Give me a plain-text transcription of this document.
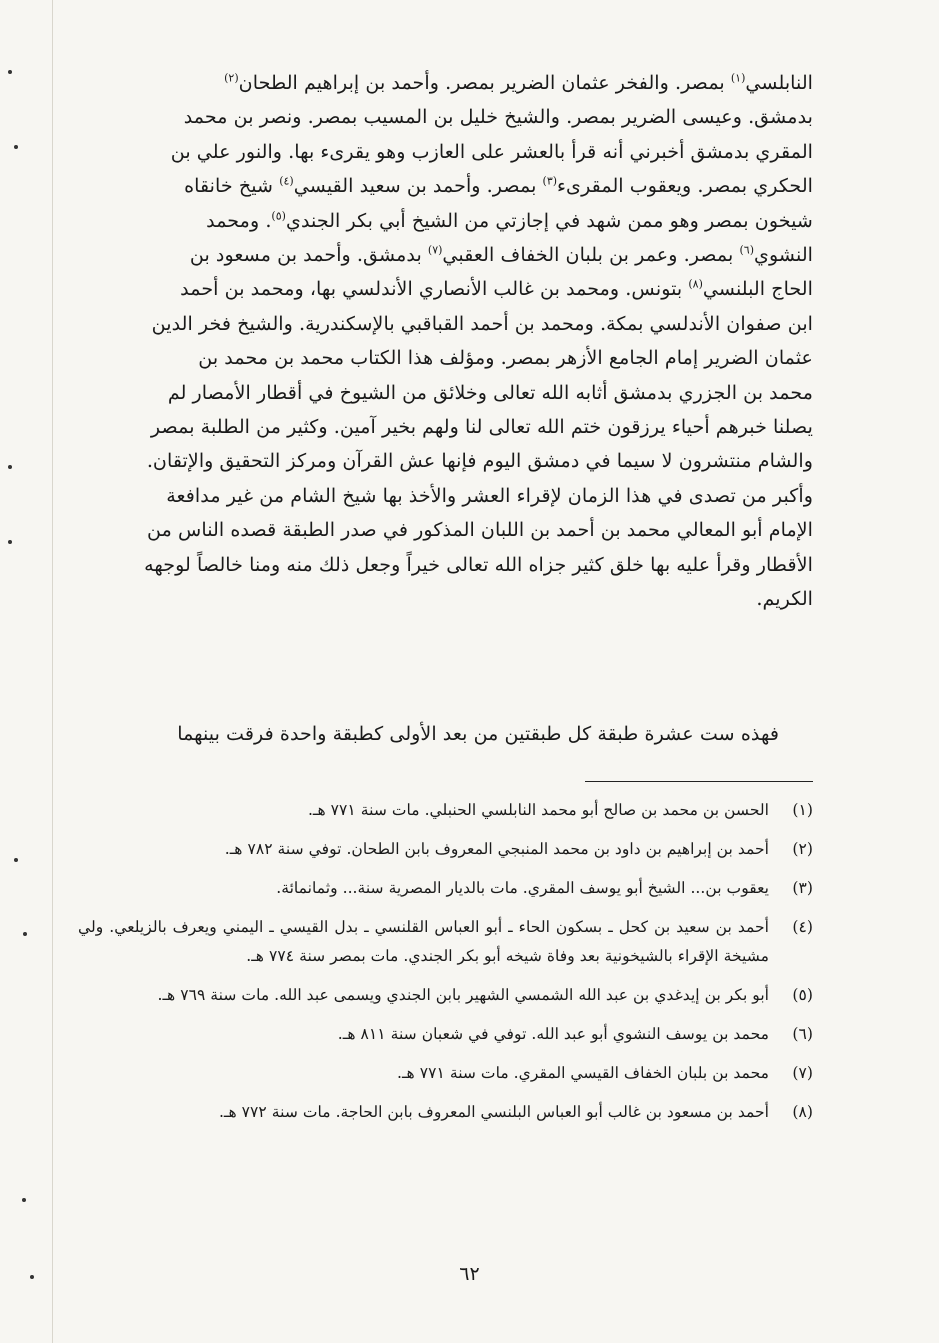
النابلسي$^{(١)}$ بمصر. والفخر عثمان الضرير بمصر. وأحمد بن إبراهيم الطحان$^{(٢)}$

بدمشق. وعيسى الضرير بمصر. والشيخ خليل بن المسيب بمصر. ونصر بن محمد

المقري بدمشق أخبرني أنه قرأ بالعشر على العازب وهو يقرىء بها. والنور علي بن

الحكري بمصر. ويعقوب المقرىء$^{(٣)}$ بمصر. وأحمد بن سعيد القيسي$^{(٤)}$ شيخ خانقاه

شيخون بمصر وهو ممن شهد في إجازتي من الشيخ أبي بكر الجندي$^{(٥)}$. ومحمد

النشوي$^{(٦)}$ بمصر. وعمر بن بلبان الخفاف العقبي$^{(٧)}$ بدمشق. وأحمد بن مسعود بن

الحاج البلنسي$^{(٨)}$ بتونس. ومحمد بن غالب الأنصاري الأندلسي بها، ومحمد بن أحمد

ابن صفوان الأندلسي بمكة. ومحمد بن أحمد القباقبي بالإسكندرية. والشيخ فخر الدين

عثمان الضرير إمام الجامع الأزهر بمصر. ومؤلف هذا الكتاب محمد بن محمد بن

محمد بن الجزري بدمشق أثابه الله تعالى وخلائق من الشيوخ في أقطار الأمصار لم

يصلنا خبرهم أحياء يرزقون ختم الله تعالى لنا ولهم بخير آمين. وكثير من الطلبة بمصر

والشام منتشرون لا سيما في دمشق اليوم فإنها عش القرآن ومركز التحقيق والإتقان.

وأكبر من تصدى في هذا الزمان لإقراء العشر والأخذ بها شيخ الشام من غير مدافعة

الإمام أبو المعالي محمد بن أحمد بن اللبان المذكور في صدر الطبقة قصده الناس من

الأقطار وقرأ عليه بها خلق كثير جزاه الله تعالى خيراً وجعل ذلك منه ومنا خالصاً لوجهه

الكريم.

فهذه ست عشرة طبقة كل طبقتين من بعد الأولى كطبقة واحدة فرقت بينهما
(١)
الحسن بن محمد بن صالح أبو محمد النابلسي الحنبلي. مات سنة ٧٧١ هـ.
(٢)
أحمد بن إبراهيم بن داود بن محمد المنبجي المعروف بابن الطحان. توفي سنة ٧٨٢ هـ.
(٣)
يعقوب بن... الشيخ أبو يوسف المقري. مات بالديار المصرية سنة... وثمانمائة.
(٤)
أحمد بن سعيد بن كحل ـ بسكون الحاء ـ أبو العباس القلنسي ـ بدل القيسي ـ اليمني ويعرف بالزيلعي. ولي مشيخة الإقراء بالشيخونية بعد وفاة شيخه أبو بكر الجندي. مات بمصر سنة ٧٧٤ هـ.
(٥)
أبو بكر بن إيدغدي بن عبد الله الشمسي الشهير بابن الجندي ويسمى عبد الله. مات سنة ٧٦٩ هـ.
(٦)
محمد بن يوسف النشوي أبو عبد الله. توفي في شعبان سنة ٨١١ هـ.
(٧)
محمد بن بلبان الخفاف القيسي المقري. مات سنة ٧٧١ هـ.
(٨)
أحمد بن مسعود بن غالب أبو العباس البلنسي المعروف بابن الحاجة. مات سنة ٧٧٢ هـ.
٦٢
